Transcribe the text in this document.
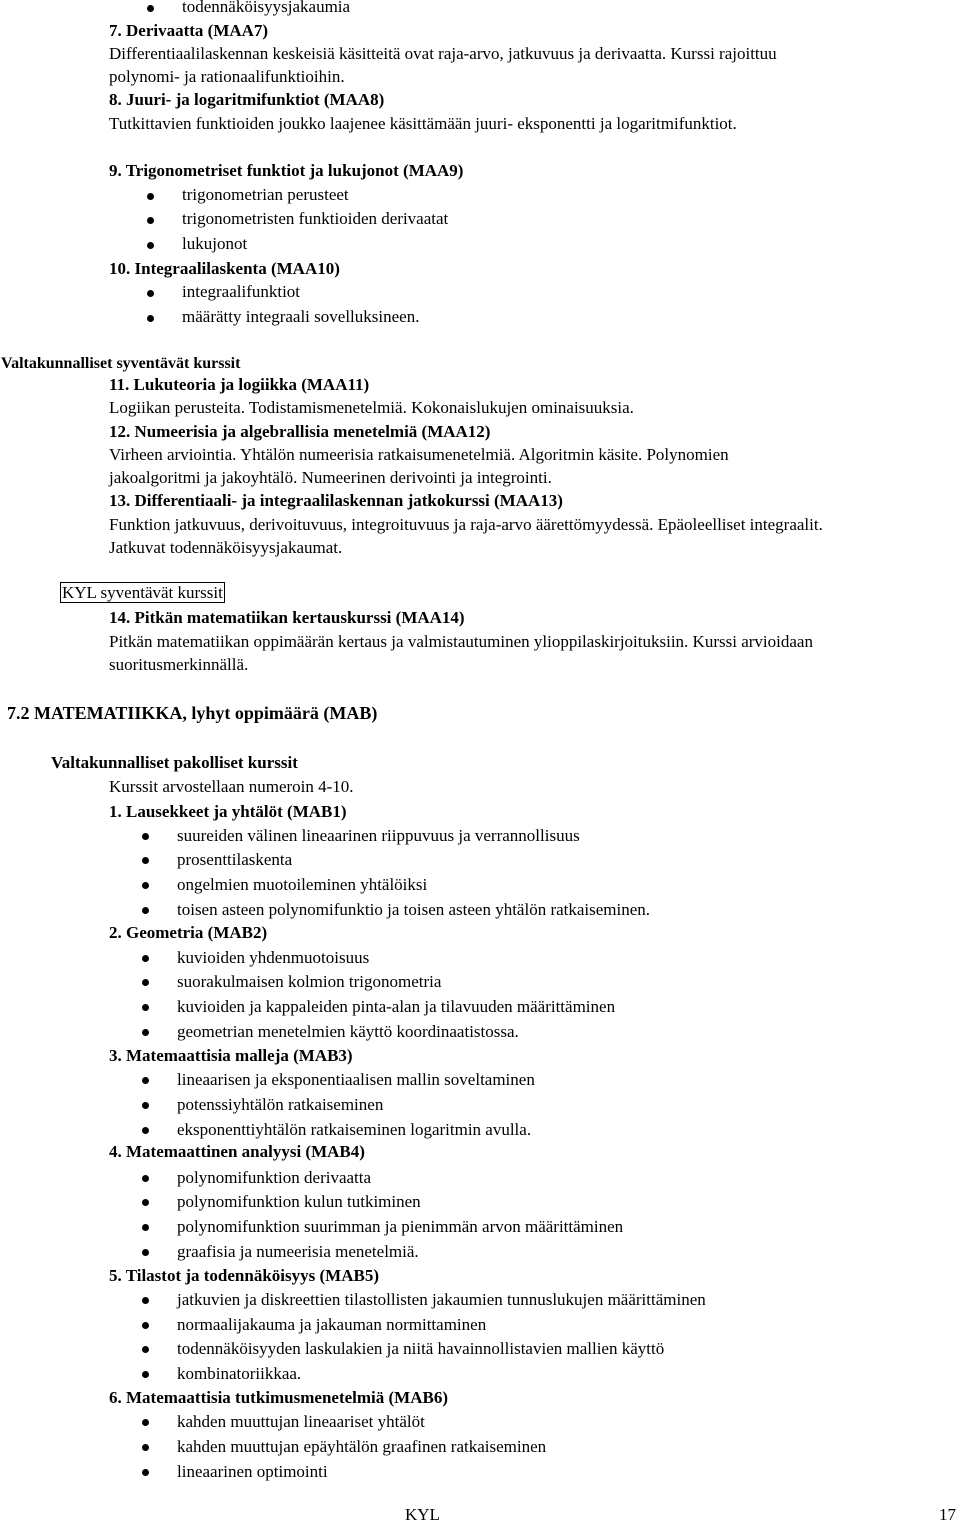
todennäköisyysjakaumia
7. Derivaatta (MAA7)
Differentiaalilaskennan keskeisiä käsitteitä ovat raja-arvo, jatkuvuus ja derivaatta. Kurssi rajoittuu
polynomi- ja rationaalifunktioihin.
8. Juuri- ja logaritmifunktiot (MAA8)
Tutkittavien funktioiden joukko laajenee käsittämään juuri- eksponentti ja logaritmifunktiot.
9. Trigonometriset funktiot ja lukujonot (MAA9)
trigonometrian perusteet
trigonometristen funktioiden derivaatat
lukujonot
10. Integraalilaskenta (MAA10)
integraalifunktiot
määrätty integraali sovelluksineen.
Valtakunnalliset syventävät kurssit
11. Lukuteoria ja logiikka (MAA11)
Logiikan perusteita. Todistamismenetelmiä. Kokonaislukujen ominaisuuksia.
12. Numeerisia ja algebrallisia menetelmiä (MAA12)
Virheen arviointia. Yhtälön numeerisia ratkaisumenetelmiä. Algoritmin käsite. Polynomien
jakoalgoritmi ja jakoyhtälö. Numeerinen derivointi ja integrointi.
13. Differentiaali- ja integraalilaskennan jatkokurssi (MAA13)
Funktion jatkuvuus, derivoituvuus, integroituvuus ja raja-arvo äärettömyydessä. Epäoleelliset integraalit.
Jatkuvat todennäköisyysjakaumat.
KYL syventävät kurssit
14. Pitkän matematiikan kertauskurssi (MAA14)
Pitkän matematiikan oppimäärän kertaus ja valmistautuminen ylioppilaskirjoituksiin. Kurssi arvioidaan
suoritusmerkinnällä.
7.2 MATEMATIIKKA, lyhyt oppimäärä (MAB)
Valtakunnalliset pakolliset kurssit
Kurssit arvostellaan numeroin 4-10.
1. Lausekkeet ja yhtälöt (MAB1)
suureiden välinen lineaarinen riippuvuus ja verrannollisuus
prosenttilaskenta
ongelmien muotoileminen yhtälöiksi
toisen asteen polynomifunktio ja toisen asteen yhtälön ratkaiseminen.
2. Geometria (MAB2)
kuvioiden yhdenmuotoisuus
suorakulmaisen kolmion trigonometria
kuvioiden ja kappaleiden pinta-alan ja tilavuuden määrittäminen
geometrian menetelmien käyttö koordinaatistossa.
3. Matemaattisia malleja (MAB3)
lineaarisen ja eksponentiaalisen mallin soveltaminen
potenssiyhtälön ratkaiseminen
eksponenttiyhtälön ratkaiseminen logaritmin avulla.
4. Matemaattinen analyysi (MAB4)
polynomifunktion derivaatta
polynomifunktion kulun tutkiminen
polynomifunktion suurimman ja pienimmän arvon määrittäminen
graafisia ja numeerisia menetelmiä.
5. Tilastot ja todennäköisyys (MAB5)
jatkuvien ja diskreettien tilastollisten jakaumien tunnuslukujen määrittäminen
normaalijakauma ja jakauman normittaminen
todennäköisyyden laskulakien ja niitä havainnollistavien mallien käyttö
kombinatoriikkaa.
6. Matemaattisia tutkimusmenetelmiä (MAB6)
kahden muuttujan lineaariset yhtälöt
kahden muuttujan epäyhtälön graafinen ratkaiseminen
lineaarinen optimointi
KYL	17
